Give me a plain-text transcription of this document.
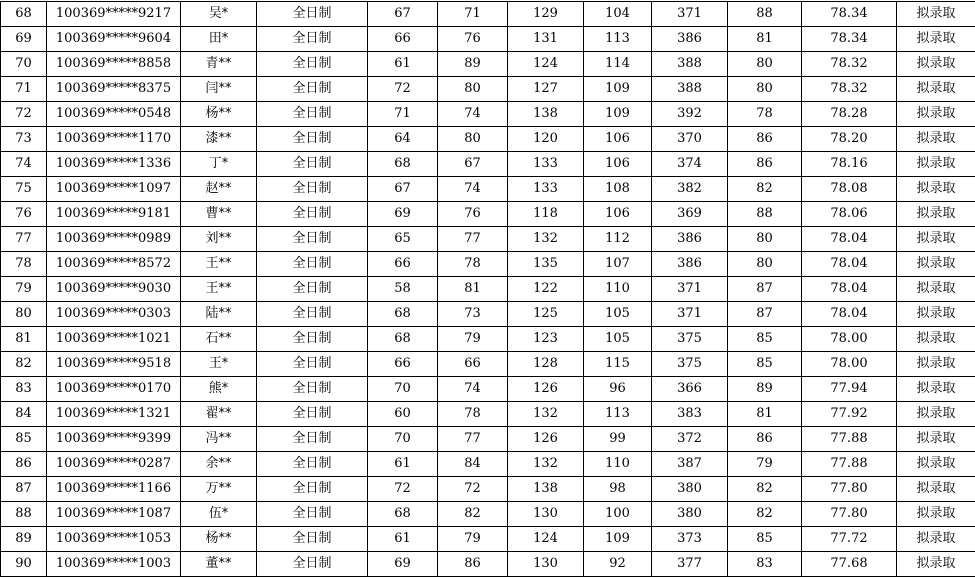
68	100369*****9217	吴*	全日制	67	71	129	104	371	88	78.34	拟录取
69	100369*****9604	田*	全日制	66	76	131	113	386	81	78.34	拟录取
70	100369*****8858	青**	全日制	61	89	124	114	388	80	78.32	拟录取
71	100369*****8375	闫**	全日制	72	80	127	109	388	80	78.32	拟录取
72	100369*****0548	杨**	全日制	71	74	138	109	392	78	78.28	拟录取
73	100369*****1170	漆**	全日制	64	80	120	106	370	86	78.20	拟录取
74	100369*****1336	丁*	全日制	68	67	133	106	374	86	78.16	拟录取
75	100369*****1097	赵**	全日制	67	74	133	108	382	82	78.08	拟录取
76	100369*****9181	曹**	全日制	69	76	118	106	369	88	78.06	拟录取
77	100369*****0989	刘**	全日制	65	77	132	112	386	80	78.04	拟录取
78	100369*****8572	王**	全日制	66	78	135	107	386	80	78.04	拟录取
79	100369*****9030	王**	全日制	58	81	122	110	371	87	78.04	拟录取
80	100369*****0303	陆**	全日制	68	73	125	105	371	87	78.04	拟录取
81	100369*****1021	石**	全日制	68	79	123	105	375	85	78.00	拟录取
82	100369*****9518	王*	全日制	66	66	128	115	375	85	78.00	拟录取
83	100369*****0170	熊*	全日制	70	74	126	96	366	89	77.94	拟录取
84	100369*****1321	翟**	全日制	60	78	132	113	383	81	77.92	拟录取
85	100369*****9399	冯**	全日制	70	77	126	99	372	86	77.88	拟录取
86	100369*****0287	余**	全日制	61	84	132	110	387	79	77.88	拟录取
87	100369*****1166	万**	全日制	72	72	138	98	380	82	77.80	拟录取
88	100369*****1087	伍*	全日制	68	82	130	100	380	82	77.80	拟录取
89	100369*****1053	杨**	全日制	61	79	124	109	373	85	77.72	拟录取
90	100369*****1003	董**	全日制	69	86	130	92	377	83	77.68	拟录取
